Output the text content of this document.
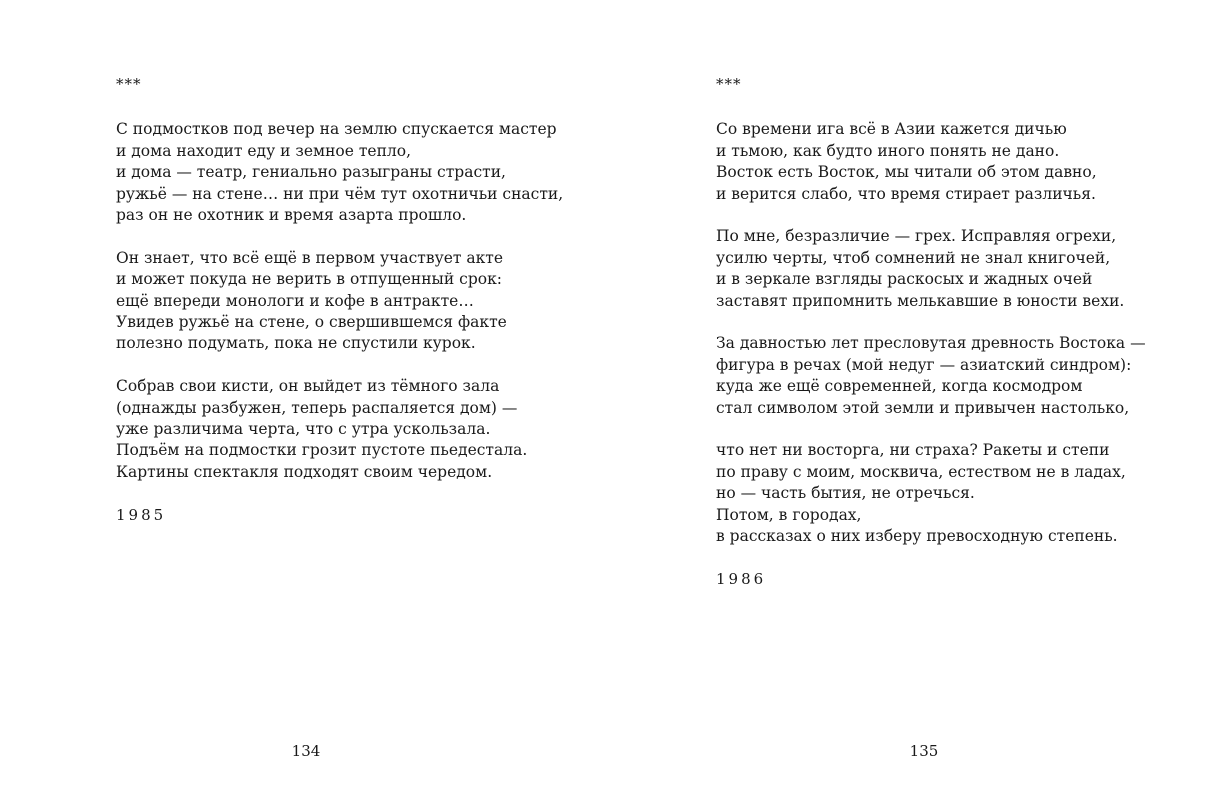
***
С подмостков под вечер на землю спускается мастер
и дома находит еду и земное тепло,
и дома — театр, гениально разыграны страсти,
ружьё — на стене… ни при чём тут охотничьи снасти,
раз он не охотник и время азарта прошло.
Он знает, что всё ещё в первом участвует акте
и может покуда не верить в отпущенный срок:
ещё впереди монологи и кофе в антракте…
Увидев ружьё на стене, о свершившемся факте
полезно подумать, пока не спустили курок.
Собрав свои кисти, он выйдет из тёмного зала
(однажды разбужен, теперь распаляется дом) —
уже различима черта, что с утра ускользала.
Подъём на подмостки грозит пустоте пьедестала.
Картины спектакля подходят своим чередом.
1985
134
***
Со времени ига всё в Азии кажется дичью
и тьмою, как будто иного понять не дано.
Восток есть Восток, мы читали об этом давно,
и верится слабо, что время стирает различья.
По мне, безразличие — грех. Исправляя огрехи,
усилю черты, чтоб сомнений не знал книгочей,
и в зеркале взгляды раскосых и жадных очей
заставят припомнить мелькавшие в юности вехи.
За давностью лет пресловутая древность Востока —
фигура в речах (мой недуг — азиатский синдром):
куда же ещё современней, когда космодром
стал символом этой земли и привычен настолько,
что нет ни восторга, ни страха? Ракеты и степи
по праву с моим, москвича, естеством не в ладах,
но — часть бытия, не отречься.
Потом, в городах,
в рассказах о них изберу превосходную степень.
1986
135
